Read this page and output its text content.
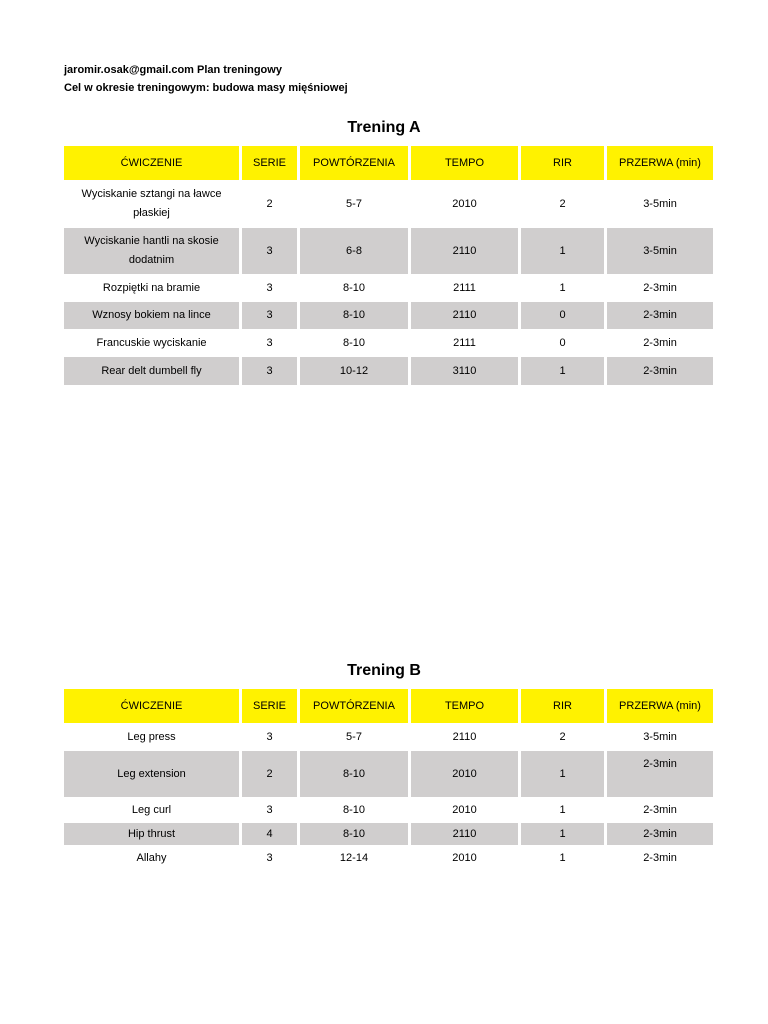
jaromir.osak@gmail.com Plan treningowy
Cel w okresie treningowym: budowa masy mięśniowej
Trening A
ĆWICZENIE	SERIE	POWTÓRZENIA	TEMPO	RIR	PRZERWA (min)
Wyciskanie sztangi na ławce płaskiej	2	5-7	2010	2	3-5min
Wyciskanie hantli na skosie dodatnim	3	6-8	2110	1	3-5min
Rozpiętki na bramie	3	8-10	2111	1	2-3min
Wznosy bokiem na lince	3	8-10	2110	0	2-3min
Francuskie wyciskanie	3	8-10	2111	0	2-3min
Rear delt dumbell fly	3	10-12	3110	1	2-3min
Trening B
ĆWICZENIE	SERIE	POWTÓRZENIA	TEMPO	RIR	PRZERWA (min)
Leg press	3	5-7	2110	2	3-5min
Leg extension	2	8-10	2010	1	2-3min
Leg curl	3	8-10	2010	1	2-3min
Hip thrust	4	8-10	2110	1	2-3min
Allahy	3	12-14	2010	1	2-3min
